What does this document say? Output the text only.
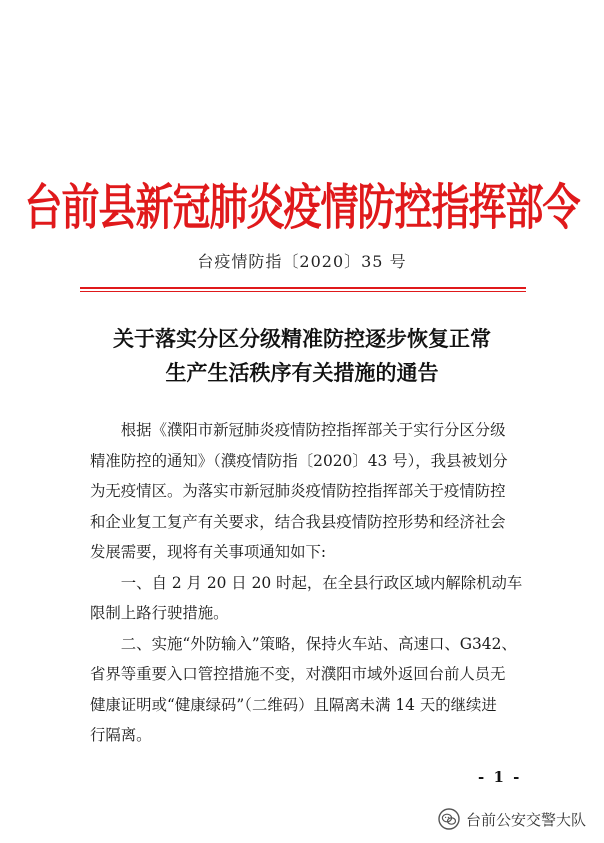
台前县新冠肺炎疫情防控指挥部令
台疫情防指〔2020〕35 号
关于落实分区分级精准防控逐步恢复正常
生产生活秩序有关措施的通告
　　根据《濮阳市新冠肺炎疫情防控指挥部关于实行分区分级
精准防控的通知》（濮疫情防指〔2020〕43 号），我县被划分
为无疫情区。为落实市新冠肺炎疫情防控指挥部关于疫情防控
和企业复工复产有关要求，结合我县疫情防控形势和经济社会
发展需要，现将有关事项通知如下:
　　一、自 2 月 20 日 20 时起，在全县行政区域内解除机动车
限制上路行驶措施。
　　二、实施“外防输入”策略，保持火车站、高速口、G342、
省界等重要入口管控措施不变，对濮阳市域外返回台前人员无
健康证明或“健康绿码”（二维码）且隔离未满 14 天的继续进
行隔离。
- 1 -
台前公安交警大队
